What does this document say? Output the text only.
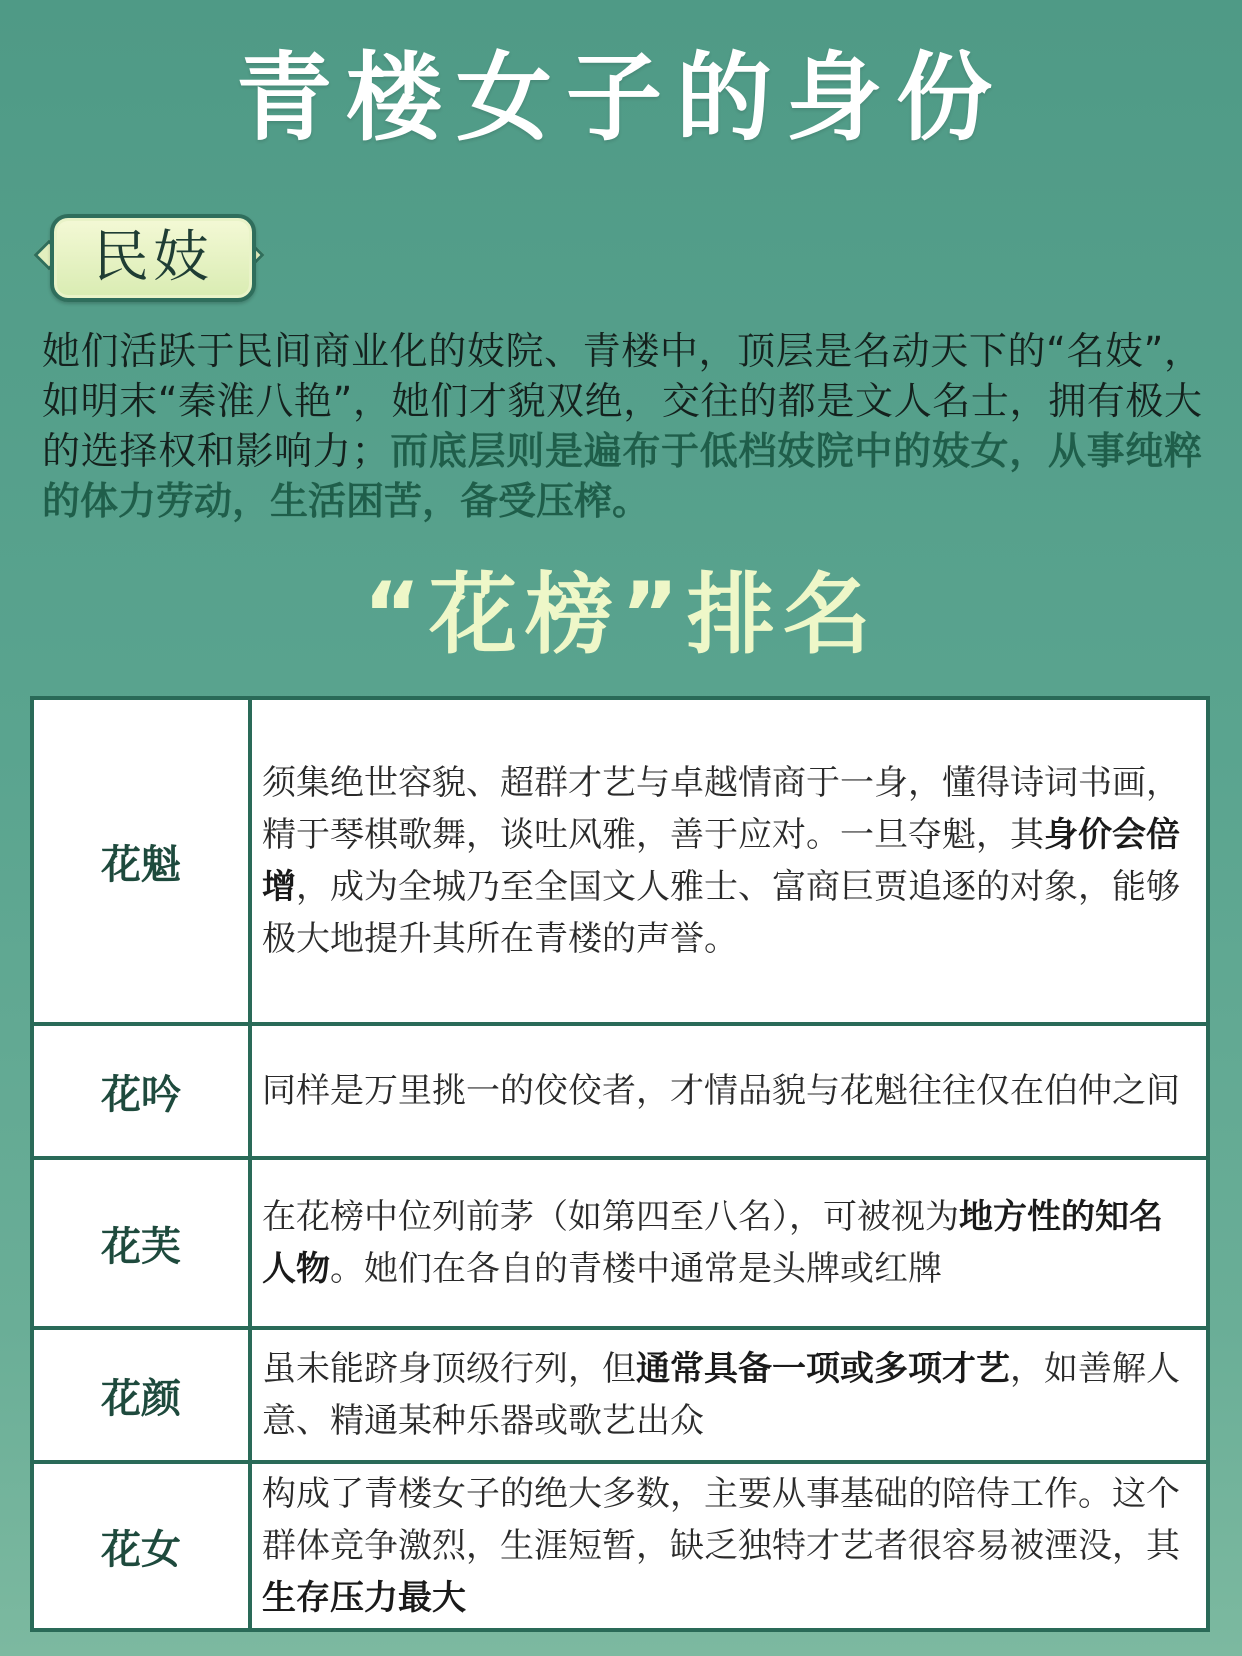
青楼女子的身份
民妓
她们活跃于民间商业化的妓院、青楼中，顶层是名动天下的“名妓”，如明末“秦淮八艳”，她们才貌双绝，交往的都是文人名士，拥有极大的选择权和影响力；而底层则是遍布于低档妓院中的妓女，从事纯粹的体力劳动，生活困苦，备受压榨。
“花榜”排名
花魁

须集绝世容貌、超群才艺与卓越情商于一身，懂得诗词书画，精于琴棋歌舞，谈吐风雅，善于应对。一旦夺魁，其身价会倍增，成为全城乃至全国文人雅士、富商巨贾追逐的对象，能够极大地提升其所在青楼的声誉。

花吟	同样是万里挑一的佼佼者，才情品貌与花魁往往仅在伯仲之间

花芙

在花榜中位列前茅（如第四至八名），可被视为地方性的知名人物。她们在各自的青楼中通常是头牌或红牌

花颜

虽未能跻身顶级行列，但通常具备一项或多项才艺，如善解人意、精通某种乐器或歌艺出众

花女

构成了青楼女子的绝大多数，主要从事基础的陪侍工作。这个群体竞争激烈，生涯短暂，缺乏独特才艺者很容易被湮没，其生存压力最大
